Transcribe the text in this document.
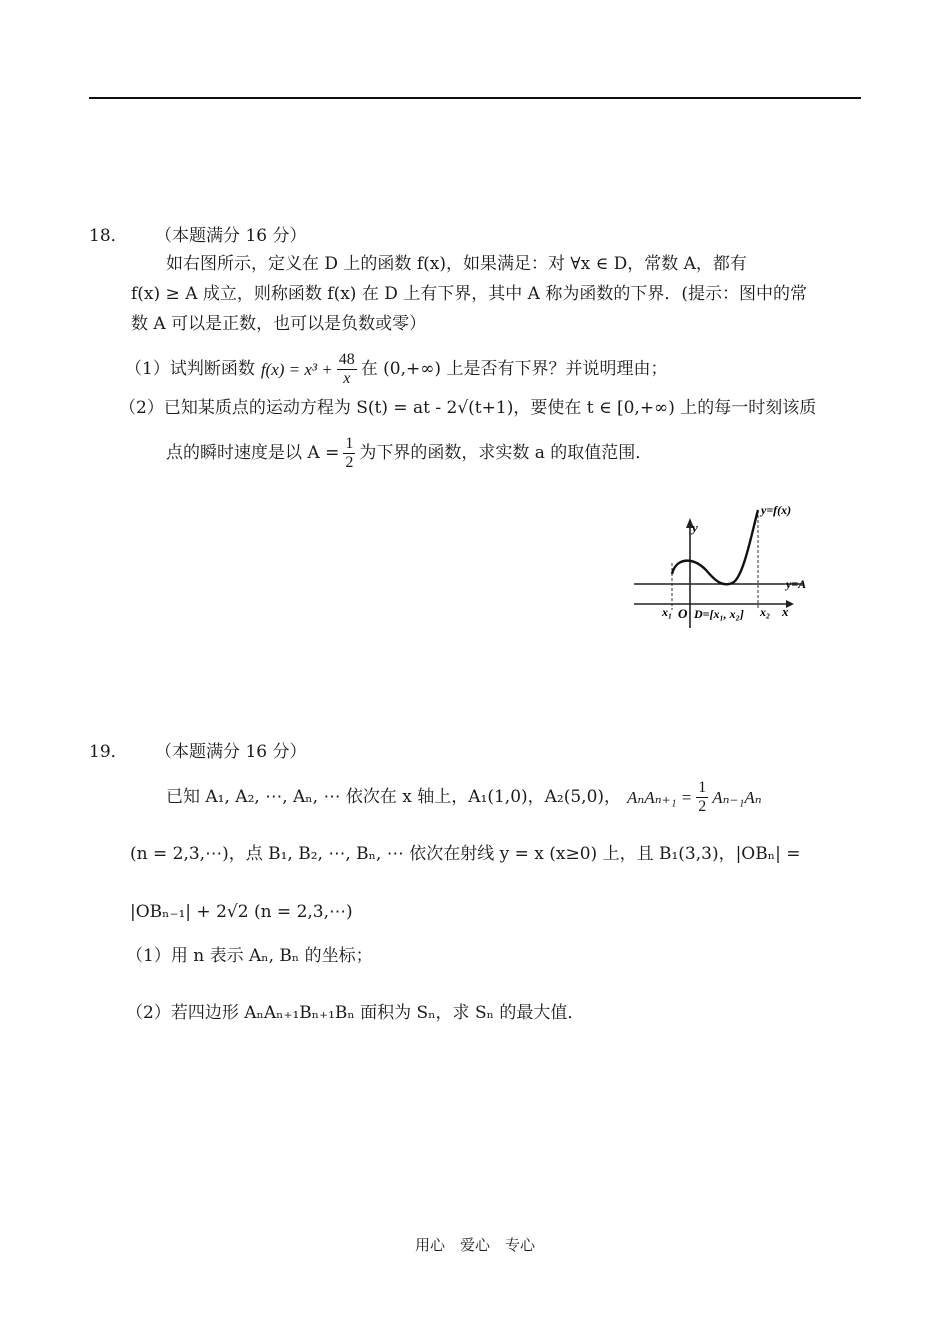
18． （本题满分 16 分）
如右图所示，定义在 D 上的函数 f(x)，如果满足：对 ∀x ∈ D，常数 A，都有
f(x) ≥ A 成立，则称函数 f(x) 在 D 上有下界，其中 A 称为函数的下界．(提示：图中的常
数 A 可以是正数，也可以是负数或零）
（1）试判断函数 $f(x) = x^3 + \frac{48}{x}$ 在 (0,+∞) 上是否有下界？并说明理由；
（2）已知某质点的运动方程为 S(t) = at - 2√(t+1)，要使在 t ∈ [0,+∞) 上的每一时刻该质
点的瞬时速度是以 $A = \frac{1}{2}$ 为下界的函数，求实数 a 的取值范围．
y
y=f(x)
y=A
x₁ O D=[x₁, x₂] x₂ x
19． （本题满分 16 分）
已知 A₁, A₂, ⋯, Aₙ, ⋯ 依次在 x 轴上，A₁(1,0)，A₂(5,0)， $A_nA_{n+1} = \frac{1}{2} A_{n-1}A_n$
(n = 2,3,⋯)，点 B₁, B₂, ⋯, Bₙ, ⋯ 依次在射线 y = x (x≥0) 上，且 B₁(3,3)，|OBₙ| =
|OBₙ₋₁| + 2√2 (n = 2,3,⋯)
（1）用 n 表示 Aₙ, Bₙ 的坐标；
（2）若四边形 AₙAₙ₊₁Bₙ₊₁Bₙ 面积为 Sₙ，求 Sₙ 的最大值．
用心　爱心　专心
